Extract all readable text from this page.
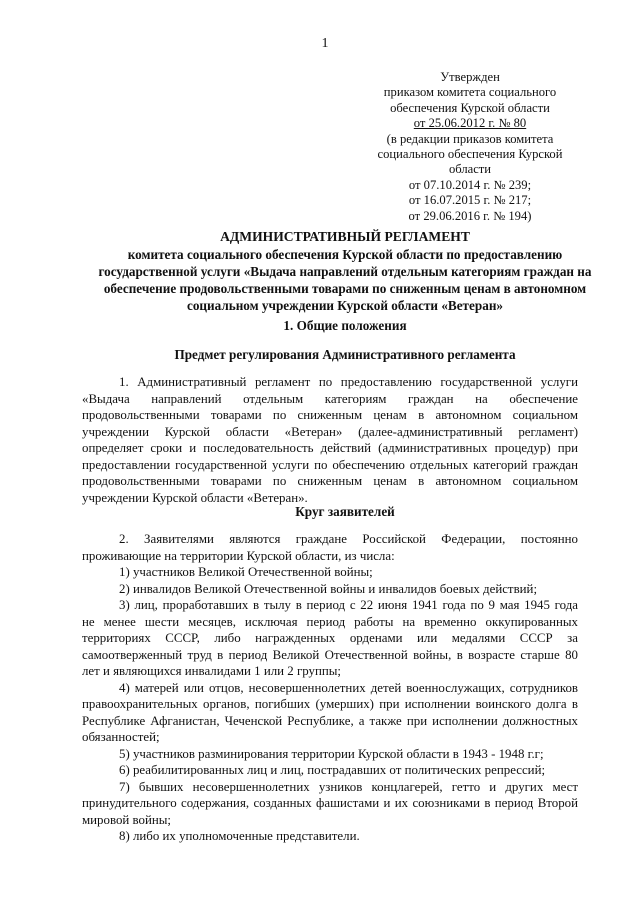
1
Утвержден
приказом комитета социального
обеспечения Курской области
от 25.06.2012 г. № 80
(в редакции приказов комитета
социального обеспечения Курской
области
от 07.10.2014 г. № 239;
от 16.07.2015 г. № 217;
от 29.06.2016 г. № 194)
АДМИНИСТРАТИВНЫЙ РЕГЛАМЕНТ
комитета социального обеспечения Курской области по предоставлению
государственной услуги «Выдача направлений отдельным категориям граждан на
обеспечение продовольственными товарами по сниженным ценам в автономном
социальном учреждении Курской области «Ветеран»
1. Общие положения
Предмет регулирования Административного регламента
1. Административный регламент по предоставлению государственной услуги
«Выдача направлений отдельным категориям граждан на обеспечение
продовольственными товарами по сниженным ценам в автономном социальном
учреждении Курской области «Ветеран» (далее-административный регламент)
определяет сроки и последовательность действий (административных процедур) при
предоставлении государственной услуги по обеспечению отдельных категорий граждан
продовольственными товарами по сниженным ценам в автономном социальном
учреждении Курской области «Ветеран».
Круг заявителей
2. Заявителями являются граждане Российской Федерации, постоянно
проживающие на территории Курской области, из числа:
1) участников Великой Отечественной войны;
2) инвалидов Великой Отечественной войны и инвалидов боевых действий;
3) лиц, проработавших в тылу в период с 22 июня 1941 года по 9 мая 1945 года
не менее шести месяцев, исключая период работы на временно оккупированных
территориях СССР, либо награжденных орденами или медалями СССР за
самоотверженный труд в период Великой Отечественной войны, в возрасте старше 80
лет и являющихся инвалидами 1 или 2 группы;
4) матерей или отцов, несовершеннолетних детей военнослужащих, сотрудников
правоохранительных органов, погибших (умерших) при исполнении воинского долга в
Республике Афганистан, Чеченской Республике, а также при исполнении должностных
обязанностей;
5) участников разминирования территории Курской области в 1943 - 1948 г.г;
6) реабилитированных лиц и лиц, пострадавших от политических репрессий;
7) бывших несовершеннолетних узников концлагерей, гетто и других мест
принудительного содержания, созданных фашистами и их союзниками в период Второй
мировой войны;
8) либо их уполномоченные представители.
